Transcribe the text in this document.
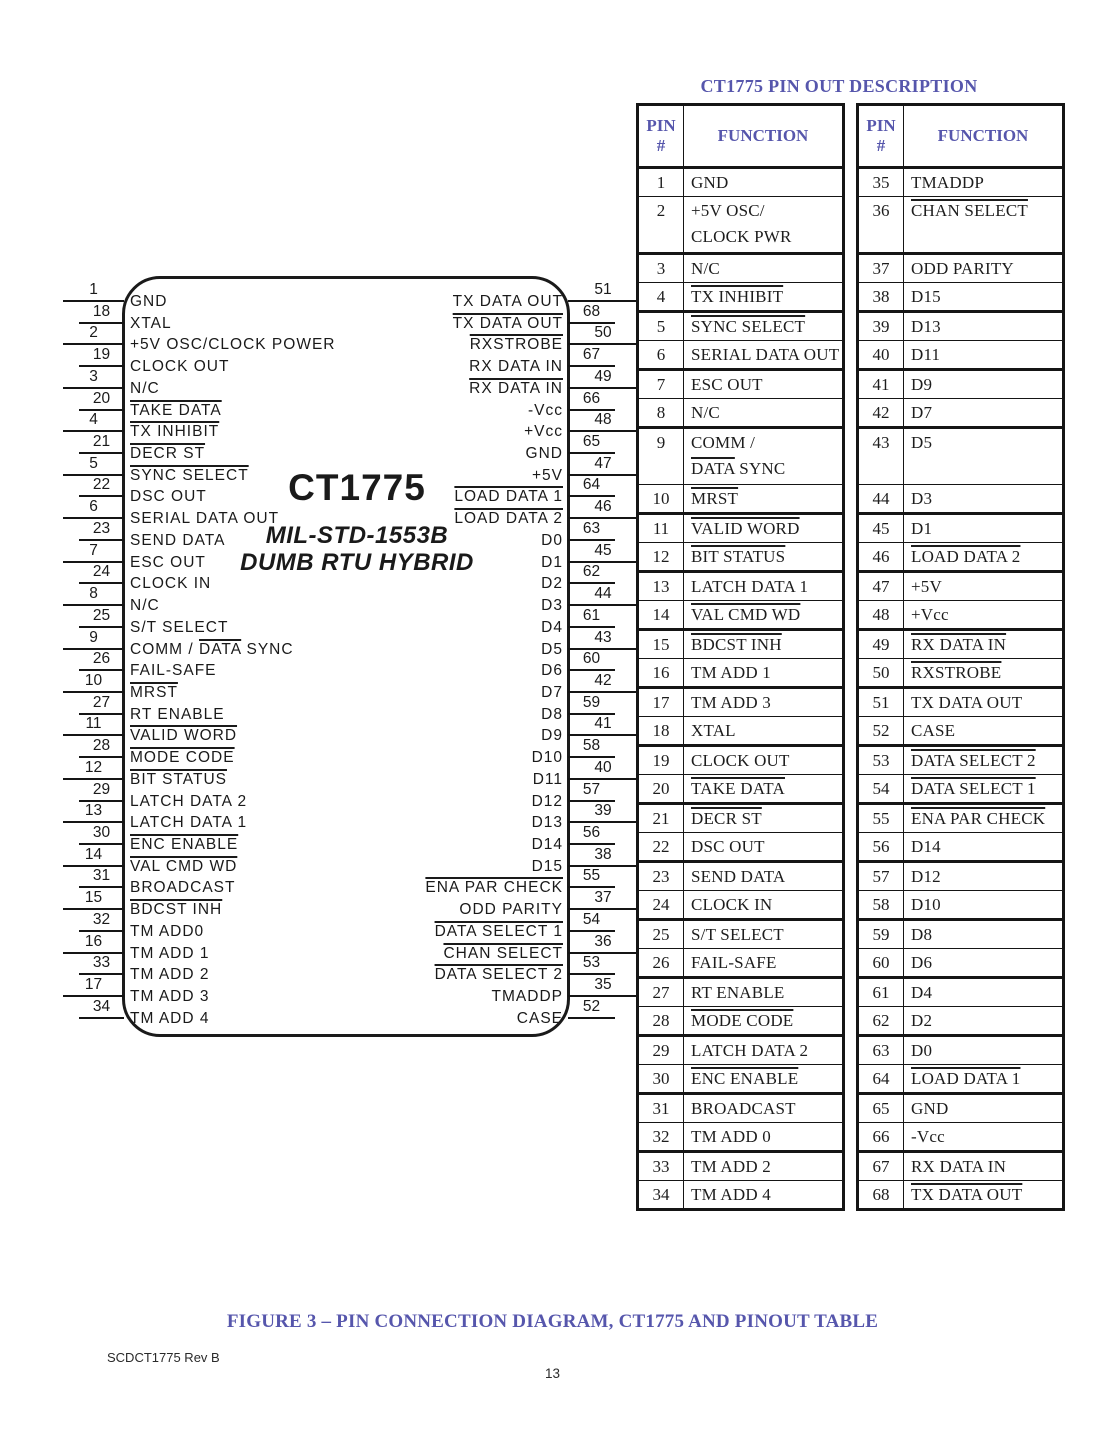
CT1775 PIN OUT DESCRIPTION
PIN
#	FUNCTION
1	GND
2	+5V OSC/
CLOCK PWR
3	N/C
4	TX INHIBIT
5	SYNC SELECT
6	SERIAL DATA OUT
7	ESC OUT
8	N/C
9	COMM /
DATA SYNC
10	MRST
11	VALID WORD
12	BIT STATUS
13	LATCH DATA 1
14	VAL CMD WD
15	BDCST INH
16	TM ADD 1
17	TM ADD 3
18	XTAL
19	CLOCK OUT
20	TAKE DATA
21	DECR ST
22	DSC OUT
23	SEND DATA
24	CLOCK IN
25	S/T SELECT
26	FAIL-SAFE
27	RT ENABLE
28	MODE CODE
29	LATCH DATA 2
30	ENC ENABLE
31	BROADCAST
32	TM ADD 0
33	TM ADD 2
34	TM ADD 4
PIN
#	FUNCTION
35	TMADDP
36	CHAN SELECT
37	ODD PARITY
38	D15
39	D13
40	D11
41	D9
42	D7
43	D5
44	D3
45	D1
46	LOAD DATA 2
47	+5V
48	+Vcc
49	RX DATA IN
50	RXSTROBE
51	TX DATA OUT
52	CASE
53	DATA SELECT 2
54	DATA SELECT 1
55	ENA PAR CHECK
56	D14
57	D12
58	D10
59	D8
60	D6
61	D4
62	D2
63	D0
64	LOAD DATA 1
65	GND
66	-Vcc
67	RX DATA IN
68	TX DATA OUT
CT1775
MIL-STD-1553B
DUMB RTU HYBRID
1
GND
18
XTAL
2
+5V OSC/CLOCK POWER
19
CLOCK OUT
3
N/C
20
TAKE DATA
4
TX INHIBIT
21
DECR ST
5
SYNC SELECT
22
DSC OUT
6
SERIAL DATA OUT
23
SEND DATA
7
ESC OUT
24
CLOCK IN
8
N/C
25
S/T SELECT
9
COMM / DATA SYNC
26
FAIL-SAFE
10
MRST
27
RT ENABLE
11
VALID WORD
28
MODE CODE
12
BIT STATUS
29
LATCH DATA 2
13
LATCH DATA 1
30
ENC ENABLE
14
VAL CMD WD
31
BROADCAST
15
BDCST INH
32
TM ADD0
16
TM ADD 1
33
TM ADD 2
17
TM ADD 3
34
TM ADD 4
51
TX DATA OUT
68
TX DATA OUT
50
RXSTROBE
67
RX DATA IN
49
RX DATA IN
66
-Vcc
48
+Vcc
65
GND
47
+5V
64
LOAD DATA 1
46
LOAD DATA 2
63
D0
45
D1
62
D2
44
D3
61
D4
43
D5
60
D6
42
D7
59
D8
41
D9
58
D10
40
D11
57
D12
39
D13
56
D14
38
D15
55
ENA PAR CHECK
37
ODD PARITY
54
DATA SELECT 1
36
CHAN SELECT
53
DATA SELECT 2
35
TMADDP
52
CASE
FIGURE 3 – PIN CONNECTION DIAGRAM, CT1775 AND PINOUT TABLE
SCDCT1775 Rev B
13
